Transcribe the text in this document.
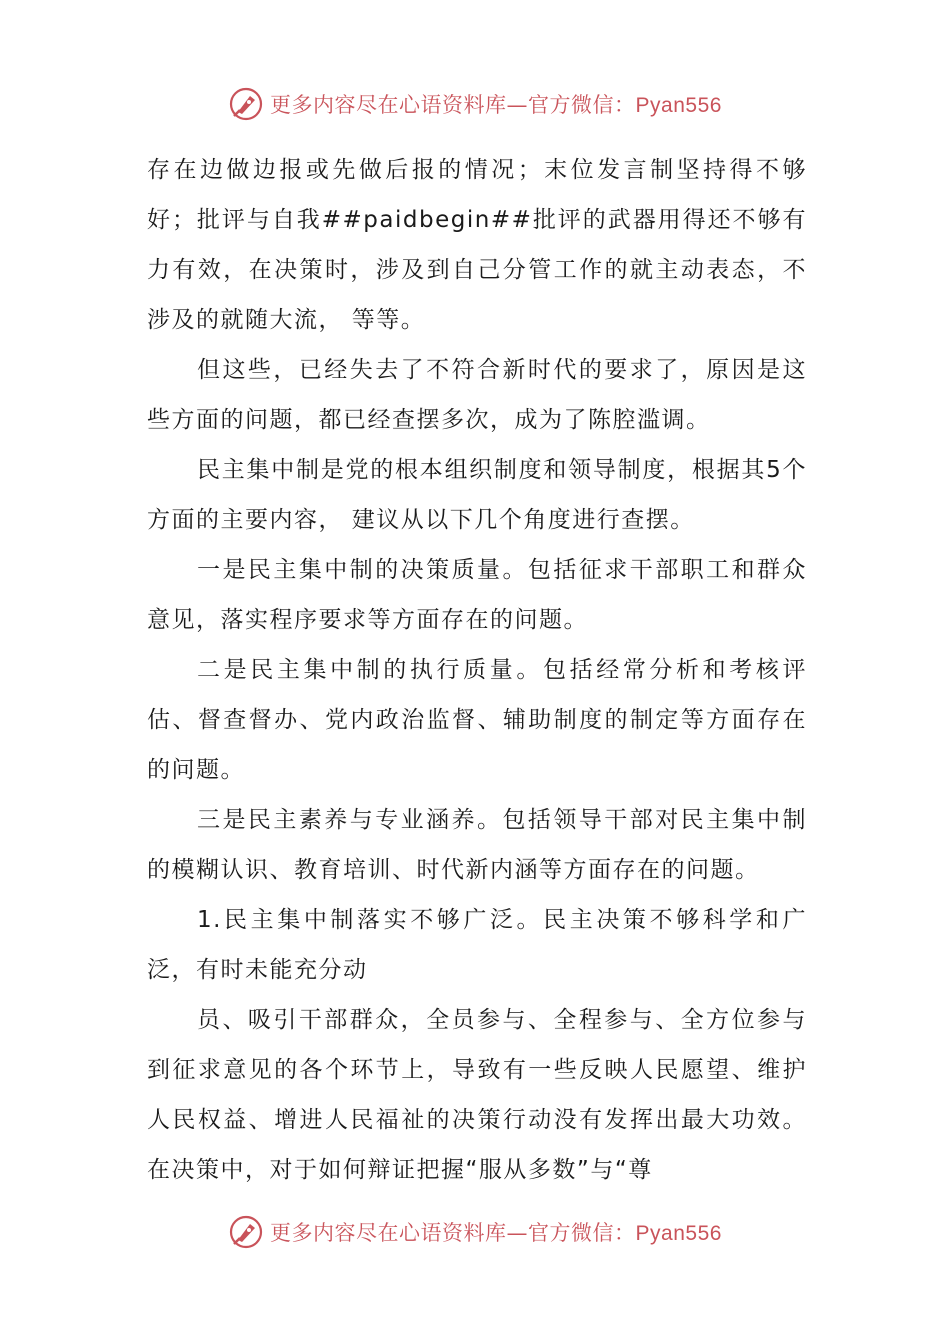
更多内容尽在心语资料库—官方微信：Pyan556

存在边做边报或先做后报的情况；末位发言制坚持得不够好；批评与自我##paidbegin##批评的武器用得还不够有力有效，在决策时，涉及到自己分管工作的就主动表态，不涉及的就随大流， 等等。

但这些，已经失去了不符合新时代的要求了，原因是这些方面的问题，都已经查摆多次，成为了陈腔滥调。

民主集中制是党的根本组织制度和领导制度，根据其5个方面的主要内容， 建议从以下几个角度进行查摆。

一是民主集中制的决策质量。包括征求干部职工和群众意见，落实程序要求等方面存在的问题。

二是民主集中制的执行质量。包括经常分析和考核评估、督查督办、党内政治监督、辅助制度的制定等方面存在的问题。

三是民主素养与专业涵养。包括领导干部对民主集中制的模糊认识、教育培训、时代新内涵等方面存在的问题。

1.民主集中制落实不够广泛。民主决策不够科学和广泛，有时未能充分动

员、吸引干部群众，全员参与、全程参与、全方位参与到征求意见的各个环节上，导致有一些反映人民愿望、维护人民权益、增进人民福祉的决策行动没有发挥出最大功效。在决策中，对于如何辩证把握“服从多数”与“尊

更多内容尽在心语资料库—官方微信：Pyan556
